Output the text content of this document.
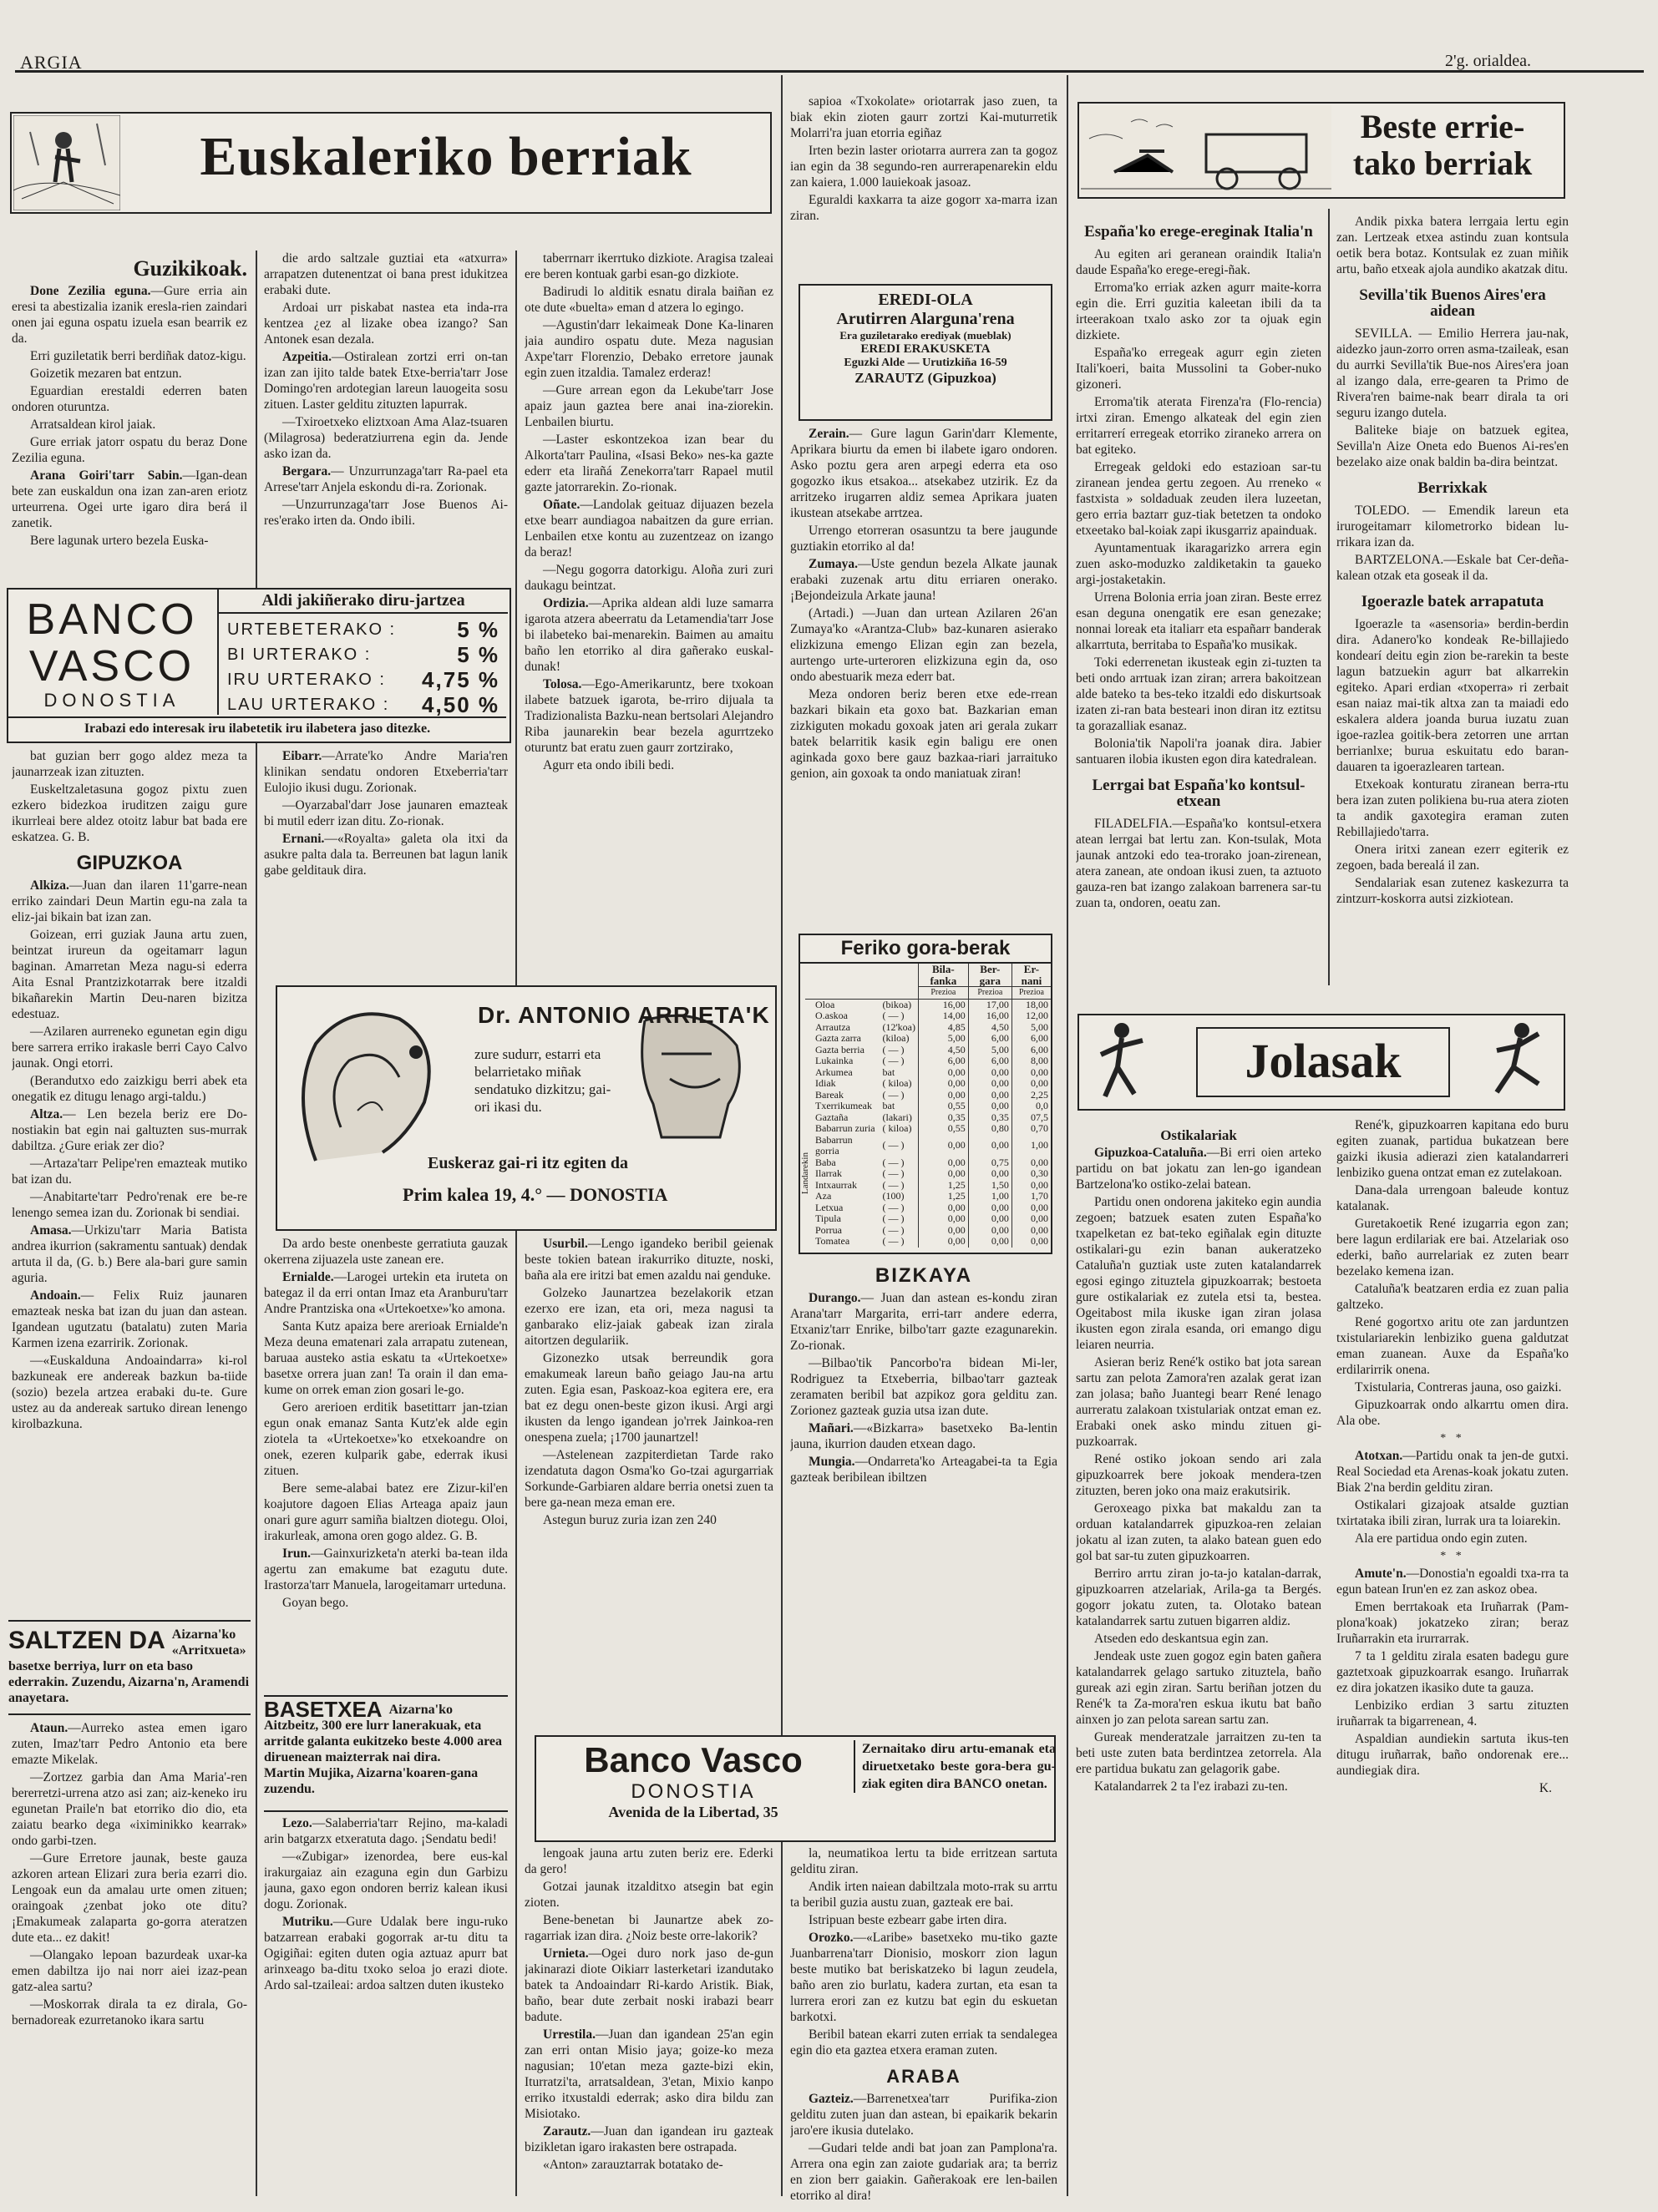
ARGIA	2'g. orialdea.
Euskaleriko berriak	Beste errie-
tako berriak
Guzikikoak.

Done Zezilia eguna.—Gure erria ain eresi ta abestizalia izanik eresla-rien zaindari onen jai eguna ospatu izuela esan bearrik ez da.

Erri guziletatik berri berdiñak datoz-kigu.

Goizetik mezaren bat entzun.

Eguardian erestaldi ederren baten ondoren oturuntza.

Arratsaldean kirol jaiak.

Gure erriak jatorr ospatu du beraz Done Zezilia eguna.

Arana Goiri'tarr Sabin.—Igan-dean bete zan euskaldun ona izan zan-aren eriotz urteurrena. Ogei urte igaro dira berá il zanetik.

Bere lagunak urtero bezela Euska-

die ardo saltzale guztiai eta «atxurra» arrapatzen dutenentzat oi bana prest idukitzea erabaki dute.

Ardoai urr piskabat nastea eta inda-rra kentzea ¿ez al lizake obea izango? San Antonek esan dezala.

Azpeitia.—Ostiralean zortzi erri on-tan izan zan ijito talde batek Etxe-berria'tarr Jose Domingo'ren ardotegian lareun lauogeita sosu zituen. Laster gelditu zituzten lapurrak.

—Txiroetxeko eliztxoan Ama Alaz-tsuaren (Milagrosa) bederatziurrena egin da. Jende asko izan da.

Bergara.— Unzurrunzaga'tarr Ra-pael eta Arrese'tarr Anjela eskondu di-ra. Zorionak.

—Unzurrunzaga'tarr Jose Buenos Ai-res'erako irten da. Ondo ibili.

BANCO
VASCO
DONOSTIA
Aldi jakiñerako diru-jartzea
URTEBETERAKO :	5 %
BI URTERAKO :	5 %
IRU URTERAKO : 4,75 %
LAU URTERAKO : 4,50 %
Irabazi edo interesak iru ilabetetik iru ilabetera jaso ditezke.

bat guzian berr gogo aldez meza ta jaunarrzeak izan zituzten.

Euskeltzaletasuna gogoz pixtu zuen ezkero bidezkoa iruditzen zaigu gure ikurrleai bere aldez otoitz labur bat bada ere eskatzea. G. B.

GIPUZKOA

Alkiza.—Juan dan ilaren 11'garre-nean erriko zaindari Deun Martin egu-na zala ta eliz-jai bikain bat izan zan.

Goizean, erri guziak Jauna artu zuen, beintzat irureun da ogeitamarr lagun baginan. Amarretan Meza nagu-si ederra Aita Esnal Prantzizkotarrak bere itzaldi bikañarekin Martin Deu-naren bizitza edestuaz.

—Azilaren aurreneko egunetan egin digu bere sarrera erriko irakasle berri Cayo Calvo jaunak. Ongi etorri.

(Berandutxo edo zaizkigu berri abek eta onegatik ez ditugu lenago argi-taldu.)

Altza.— Len bezela beriz ere Do-nostiakin bat egin nai galtuzten sus-murrak dabiltza. ¿Gure eriak zer dio?

—Artaza'tarr Pelipe'ren emazteak mutiko bat izan du.

—Anabitarte'tarr Pedro'renak ere be-re lenengo semea izan du. Zorionak bi sendiai.

Amasa.—Urkizu'tarr Maria Batista andrea ikurrion (sakramentu santuak) dendak artuta il da, (G. b.) Bere ala-bari gure samin aguria.

Andoain.— Felix Ruiz jaunaren emazteak neska bat izan du juan dan astean. Igandean ugutzatu (batalatu) zuten Maria Karmen izena ezarririk. Zorionak.

—«Euskalduna Andoaindarra» ki-rol bazkuneak ere andereak bazkun ba-tiide (sozio) bezela artzea erabaki du-te. Gure ustez au da andereak sartuko direan lenengo kirolbazkuna.

SALTZEN DA Aizarna'ko «Arritxueta» basetxe berriya, lurr on eta baso ederrakin. Zuzendu, Aizarna'n, Aramendi anayetara.

Ataun.—Aurreko astea emen igaro zuten, Imaz'tarr Pedro Antonio eta bere emazte Mikelak.

—Zortzez garbia dan Ama Maria'-ren bererretzi-urrena atzo asi zan; aiz-keneko iru egunetan Praile'n bat etorriko dio dio, eta zaiatu bearko dega «iximinikko kearrak» ondo garbi-tzen.

—Gure Erretore jaunak, beste gauza azkoren artean Elizari zura beria ezarri dio. Lengoak eun da amalau urte omen zituen; oraingoak ¿zenbat joko ote ditu? ¡Emakumeak zalaparta go-gorra ateratzen dute eta... ez dakit!

—Olangako lepoan bazurdeak uxar-ka emen dabiltza ijo nai norr aiei izaz-pean gatz-alea sartu?

—Moskorrak dirala ta ez dirala, Go-bernadoreak ezurretanoko ikara sartu

Eibarr.—Arrate'ko Andre Maria'ren klinikan sendatu ondoren Etxeberria'tarr Eulojio ikusi dugu. Zorionak.

—Oyarzabal'darr Jose jaunaren emazteak bi mutil ederr izan ditu. Zo-rionak.

Ernani.—«Royalta» galeta ola itxi da asukre palta dala ta. Berreunen bat lagun lanik gabe gelditauk dira.

taberrnarr ikerrtuko dizkiote. Aragisa tzaleai ere beren kontuak garbi esan-go dizkiote.

Badirudi lo alditik esnatu dirala baiñan ez ote dute «buelta» eman d atzera lo egingo.

—Agustin'darr lekaimeak Done Ka-linaren jaia aundiro ospatu dute. Meza nagusian Axpe'tarr Florenzio, Debako erretore jaunak egin zuen itzaldia. Tamalez erderaz!

—Gure arrean egon da Lekube'tarr Jose apaiz jaun gaztea bere anai ina-ziorekin. Lenbailen biurtu.

—Laster eskontzekoa izan bear du Alkorta'tarr Paulina, «Isasi Beko» nes-ka gazte ederr eta lirañá Zenekorra'tarr Rapael mutil gazte jatorrarekin. Zo-rionak.

Oñate.—Landolak geituaz dijuazen bezela etxe bearr aundiagoa nabaitzen da gure errian. Lenbailen etxe kontu au zuzentzeaz on izango da beraz!

—Negu gogorra datorkigu. Aloña zuri zuri daukagu beintzat.

Ordizia.—Aprika aldean aldi luze samarra igarota atzera abeerratu da Letamendia'tarr Jose bi ilabeteko bai-menarekin. Baimen au amaitu baño len etorriko al dira gañerako euskal-dunak!

Tolosa.—Ego-Amerikaruntz, bere txokoan ilabete batzuek igarota, be-rriro dijuala ta Tradizionalista Bazku-nean bertsolari Alejandro Riba jaunarekin bear bezela agurrtzeko oturuntz bat eratu zuen gaurr zortzirako,

Agurr eta ondo ibili bedi.

Dr. ANTONIO ARRIETA'K
zure sudurr, estarri eta belarrietako miñak sendatuko dizkitzu; gai-ori ikasi du.
Euskeraz gai-ri itz egiten da
Prim kalea 19, 4.° — DONOSTIA

Da ardo beste onenbeste gerratiuta gauzak okerrena zijuazela uste zanean ere.

Ernialde.—Larogei urtekin eta iruteta on bategaz il da erri ontan Imaz eta Aranburu'tarr Andre Prantziska ona «Urtekoetxe»'ko amona.

Santa Kutz apaiza bere arerioak Ernialde'n Meza deuna ematenari zala arrapatu zutenean, baruaa austeko astia eskatu ta «Urtekoetxe» basetxe orrera juan zan! Ta orain il dan ema-kume on orrek eman zion gosari le-go.

Gero arerioen erditik basetittarr jan-tzian egun onak emanaz Santa Kutz'ek alde egin ziotela ta «Urtekoetxe»'ko etxekoandre on onek, ezeren kulparik gabe, ederrak ikusi zituen.

Bere seme-alabai batez ere Zizur-kil'en koajutore dagoen Elias Arteaga apaiz jaun onari gure agurr samiña bialtzen diotegu. Oloi, irakurleak, amona oren gogo aldez. G. B.

Irun.—Gainxurizketa'n aterki ba-tean ilda agertu zan emakume bat ezagutu dute. Irastorza'tarr Manuela, larogeitamarr urteduna.

Goyan bego.

BASETXEA Aizarna'ko Aitzbeitz, 300 ere lurr lanerakuak, eta arritde galanta eukitzeko beste 4.000 area diruenean maizterrak nai dira.
Martin Mujika, Aizarna'koaren-gana zuzendu.

Lezo.—Salaberria'tarr Rejino, ma-kaladi arin batgarzx etxeratuta dago. ¡Sendatu bedi!

—«Zubigar» izenordea, bere eus-kal irakurgaiaz ain ezaguna egin dun Garbizu jauna, gaxo egon ondoren berriz kalean ikusi dogu. Zorionak.

Mutriku.—Gure Udalak bere ingu-ruko batzarrean erabaki gogorrak ar-tu ditu ta Ogigiñai: egiten duten ogia aztuaz apurr bat arinxeago ba-ditu txoko seloa jo erazi diote. Ardo sal-tzaileai: ardoa saltzen duten ikusteko

Usurbil.—Lengo igandeko beribil geienak beste tokien batean irakurriko dituzte, noski, baña ala ere iritzi bat emen azaldu nai genduke.

Golzeko Jaunartzea bezelakorik etzan ezerxo ere izan, eta ori, meza nagusi ta ganbarako eliz-jaiak gabeak izan zirala aitortzen degulariik.

Gizonezko utsak berreundik gora emakumeak lareun baño geiago Jau-na artu zuten. Egia esan, Paskoaz-koa egitera ere, era bat ez degu onen-beste gizon ikusi. Argi argi ikusten da lengo igandean jo'rrek Jainkoa-ren onespena zuela; ¡1700 jaunartzel!

—Astelenean zazpiterdietan Tarde rako izendatuta dagon Osma'ko Go-tzai agurgarriak Sorkunde-Garbiaren aldare berria onetsi zuen ta bere ga-nean meza eman ere.

Astegun buruz zuria izan zen 240

Banco Vasco
DONOSTIA
Avenida de la Libertad, 35
Zernaitako diru artu-emanak eta diruetxetako beste gora-bera gu-ziak egiten dira BANCO onetan.

lengoak jauna artu zuten beriz ere. Ederki da gero!

Gotzai jaunak itzalditxo atsegin bat egin zioten.

Bene-benetan bi Jaunartze abek zo-ragarriak izan dira. ¿Noiz beste orre-lakorik?

Urnieta.—Ogei duro nork jaso de-gun jakinarazi diote Oikiarr lasterketari izandutako batek ta Andoaindarr Ri-kardo Aristik. Biak, baño, bear dute zerbait noski irabazi bearr badute.

Urrestila.—Juan dan igandean 25'an egin zan erri ontan Misio jaya; goize-ko meza nagusian; 10'etan meza gazte-bizi ekin, Iturratzi'ta, arratsaldean, 3'etan, Mixio kanpo erriko itxustaldi ederrak; asko dira bildu zan Misiotako.

Zarautz.—Juan dan igandean iru gazteak bizikletan igaro irakasten bere ostrapada.

«Anton» zarauztarrak botatako de-

sapioa «Txokolate» oriotarrak jaso zuen, ta biak ekin zioten gaurr zortzi Kai-muturretik Molarri'ra juan etorria egiñaz

Irten bezin laster oriotarra aurrera zan ta gogoz ian egin da 38 segundo-ren aurrerapenarekin eldu zan kaiera, 1.000 lauiekoak jasoaz.

Eguraldi kaxkarra ta aize gogorr xa-marra izan ziran.

EREDI-OLA
Arutirren Alarguna'rena
Era guziletarako erediyak (mueblak)
EREDI ERAKUSKETA
Eguzki Alde — Urutizkiña 16-59
ZARAUTZ (Gipuzkoa)

Zerain.— Gure lagun Garin'darr Klemente, Aprikara biurtu da emen bi ilabete igaro ondoren. Asko poztu gera aren arpegi ederra eta oso gogozko ikus etsakoa... atsekabez utzirik. Ez da arritzeko irugarren aldiz semea Aprikara juaten ikustean atsekabe arrtzea.

Urrengo etorreran osasuntzu ta bere jaugunde guztiakin etorriko al da!

Zumaya.—Uste gendun bezela Alkate jaunak erabaki zuzenak artu ditu erriaren onerako. ¡Bejondeizula Arkate jauna!

(Artadi.) —Juan dan urtean Azilaren 26'an Zumaya'ko «Arantza-Club» baz-kunaren asierako elizkizuna emengo Elizan egin zan bezela, aurtengo urte-urteroren elizkizuna egin da, oso ondo abestuarik meza ederr bat.

Meza ondoren beriz beren etxe ede-rrean bazkari bikain eta goxo bat. Bazkarian eman zizkiguten mokadu goxoak jaten ari gerala zukarr batek belarritik kasik egin baligu ere onen aginkada goxo bere gauz bazkaa-riari jarraituko genion, ain goxoak ta ondo maniatuak ziran!

Feriko gora-berak
		Bila-fanka	Ber-gara	Er-nani
		Prezioa	Prezioa	Prezioa
Oloa	(bikoa)	16,00	17,00	18,00
O.askoa	( — )	14,00	16,00	12,00
Arrautza	(12'koa)	4,85	4,50	5,00
Gazta zarra	(kiloa)	5,00	6,00	6,00
Gazta berria	( — )	4,50	5,00	6,00
Lukainka	( — )	6,00	6,00	8,00
Arkumea	bat	0,00	0,00	0,00
Idiak	( kiloa)	0,00	0,00	0,00
Bareak	( — )	0,00	0,00	2,25
Txerrikumeak	bat	0,55	0,00	0,0
Gaztaña	(lakari)	0,35	0,35	07,5
Babarrun zuria	( kiloa)	0,55	0,80	0,70
Babarrun gorria	( — )	0,00	0,00	1,00
Baba	( — )	0,00	0,75	0,00
Ilarrak	( — )	0,00	0,00	0,30
Intxaurrak	( — )	1,25	1,50	0,00
Aza	(100)	1,25	1,00	1,70
Letxua	( — )	0,00	0,00	0,00
Tipula	( — )	0,00	0,00	0,00
Porrua	( — )	0,00	0,00	0,00
Tomatea	( — )	0,00	0,00	0,00
Landarekin
BIZKAYA

Durango.— Juan dan astean es-kondu ziran Arana'tarr Margarita, erri-tarr andere ederra, Etxaniz'tarr Enrike, bilbo'tarr gazte ezagunarekin. Zo-rionak.

—Bilbao'tik Pancorbo'ra bidean Mi-ler, Rodriguez ta Etxeberria, bilbao'tarr gazteak zeramaten beribil bat azpikoz gora gelditu zan. Zorionez gazteak guzia utsa izan dute.

Mañari.—«Bizkarra» basetxeko Ba-lentin jauna, ikurrion dauden etxean dago.

Mungia.—Ondarreta'ko Arteagabei-ta ta Egia gazteak beribilean ibiltzen

la, neumatikoa lertu ta bide erritzean sartuta gelditu ziran.

Andik irten naiean dabiltzala moto-rrak su arrtu ta beribil guzia austu zuan, gazteak ere bai.

Istripuan beste ezbearr gabe irten dira.

Orozko.—«Laribe» basetxeko mu-tiko gazte Juanbarrena'tarr Dionisio, moskorr zion lagun beste mutiko bat beriskatzeko bi lagun zeudela, baño aren zio burlatu, kadera zurtan, eta esan ta lurrera erori zan ez kutzu bat egin du eskuetan barkotxi.

Beribil batean ekarri zuten erriak ta sendalegea egin dio eta gaztea etxera eraman zuten.

ARABA

Gazteiz.—Barrenetxea'tarr Purifika-zion gelditu zuten juan dan astean, bi epaikarik bekarin jaro'ere ikusia dutelako.

—Gudari telde andi bat joan zan Pamplona'ra. Arrera ona egin zan zaiote gudariak ara; ta berriz en zion berr gaiakin. Gañerakoak ere len-bailen etorriko al dira!

España'ko erege-ereginak Italia'n

Au egiten ari geranean oraindik Italia'n daude España'ko erege-eregi-ñak.

Erroma'ko erriak azken agurr maite-korra egin die. Erri guzitia kaleetan ibili da ta irteerakoan txalo asko zor ta ojuak egin dizkiete.

España'ko erregeak agurr egin zieten Itali'koeri, baita Mussolini ta Gober-nuko gizoneri.

Erroma'tik aterata Firenza'ra (Flo-rencia) irtxi ziran. Emengo alkateak del egin zien erritarrerí erregeak etorriko ziraneko arrera on bat egiteko.

Erregeak geldoki edo estazioan sar-tu ziranean jendea gertu zegoen. Au rreneko « fastxista » soldaduak zeuden ilera luzeetan, gero erria baztarr guz-tiak betetzen ta ondoko etxeetako bal-koiak zapi ikusgarriz apainduak.

Ayuntamentuak ikaragarizko arrera egin zuen asko-moduzko zaldiketakin ta gaueko argi-jostaketakin.

Urrena Bolonia erria joan ziran. Beste errez esan deguna onengatik ere esan genezake; nonnai loreak eta italiarr eta españarr banderak alkarrtuta, berritaba to España'ko musikak.

Toki ederrenetan ikusteak egin zi-tuzten ta beti ondo arrtuak izan ziran; arrera bakoitzean alde bateko ta bes-teko itzaldi edo diskurtsoak izaten zi-ran bata besteari inon diran itz eztitsu ta gorazalliak esanaz.

Bolonia'tik Napoli'ra joanak dira. Jabier santuaren ilobia ikusten egon dira katedralean.

Lerrgai bat España'ko kontsul-etxean

FILADELFIA.—España'ko kontsul-etxera atean lerrgai bat lertu zan. Kon-tsulak, Mota jaunak antzoki edo tea-trorako joan-zirenean, atera zanean, ate ondoan ikusi zuen, ta aztuoto gauza-ren bat izango zalakoan barrenera sar-tu zuan ta, ondoren, oeatu zan.

Andik pixka batera lerrgaia lertu egin zan. Lertzeak etxea astindu zuan kontsula oetik bera botaz. Kontsulak ez zuan miñik artu, baño etxeak ajola aundiko akatzak ditu.

Sevilla'tik Buenos Aires'era aidean

SEVILLA. — Emilio Herrera jau-nak, aidezko jaun-zorro orren asma-tzaileak, esan du aurrki Sevilla'tik Bue-nos Aires'era joan al izango dala, erre-gearen ta Primo de Rivera'ren baime-nak bearr dirala ta ori seguru izango dutela.

Baliteke biaje on batzuek egitea, Sevilla'n Aize Oneta edo Buenos Ai-res'en bezelako aize onak baldin ba-dira beintzat.

Berrixkak

TOLEDO. — Emendik lareun eta irurogeitamarr kilometrorko bidean lu-rrikara izan da.

BARTZELONA.—Eskale bat Cer-deña-kalean otzak eta goseak il da.

Igoerazle batek arrapatuta

Igoerazle ta «asensoria» berdin-berdin dira. Adanero'ko kondeak Re-billajiedo kondearí deitu egin zion be-rarekin ta beste lagun batzuekin agurr bat alkarrekin egiteko. Apari erdian «txoperra» ri zerbait esan naiaz mai-tik altxa zan ta maiadi edo eskalera aldera joanda burua iuzatu zuan igoe-razlea goitik-bera zetorren une arrtan berrianlxe; burua eskuitatu edo baran-dauaren ta igoerazlearen tartean.

Etxekoak konturatu ziranean berra-rtu bera izan zuten polikiena bu-rua atera zioten ta andik gaxotegira eraman zuten Rebillajiedo'tarra.

Onera iritxi zanean ezerr egiterik ez zegoen, bada berealá il zan.

Sendalariak esan zutenez kaskezurra ta zintzurr-koskorra autsi zizkiotean.

Jolasak
Ostikalariak

Gipuzkoa-Cataluña.—Bi erri oien arteko partidu on bat jokatu zan len-go igandean Bartzelona'ko ostiko-zelai batean.

Partidu onen ondorena jakiteko egin aundia zegoen; batzuek esaten zuten España'ko txapelketan ez bat-teko egiñalak egin dituzte ostikalari-gu ezin banan aukeratzeko Cataluña'n guztiak uste zuten katalandarrek egosi egingo zituztela gipuzkoarrak; bestoeta gure ostikalariak ez zutela etsi ta, bestea. Ogeitabost mila ikuske igan ziran jolasa ikusten egon zirala esanda, ori emango digu leiaren neurria.

Asieran beriz René'k ostiko bat jota sarean sartu zan pelota Zamora'ren azalak gerat izan zan jolasa; baño Juantegi bearr René lenago aurreratu zalakoan txistulariak ontzat eman ez. Erabaki onek asko mindu zituen gi-puzkoarrak.

René ostiko jokoan sendo ari zala gipuzkoarrek bere jokoak mendera-tzen zituzten, beren joko ona maiz erakutsirik.

Geroxeago pixka bat makaldu zan ta orduan katalandarrek gipuzkoa-ren zelaian jokatu al izan zuten, ta alako batean guen edo gol bat sar-tu zuten gipuzkoarren.

Berriro arrtu ziran jo-ta-jo katalan-darrak, gipuzkoarren atzelariak, Arila-ga ta Bergés. gogorr jokatu zuten, ta. Olotako batean katalandarrek sartu zutuen bigarren aldiz.

Atseden edo deskantsua egin zan.

Jendeak uste zuen gogoz egin baten gañera katalandarrek gelago sartuko zituztela, baño gureak azi egin ziran. Sartu beriñan jotzen du René'k ta Za-mora'ren eskua ikutu bat baño ainxen jo zan pelota sarean sartu zan.

Gureak menderatzale jarraitzen zu-ten ta beti uste zuten bata berdintzea zetorrela. Ala ere partidua bukatu zan gelagorik gabe.

Katalandarrek 2 ta l'ez irabazi zu-ten.

René'k, gipuzkoarren kapitana edo buru egiten zuanak, partidua bukatzean bere gaizki ikusia adierazi zien katalandarreri lenbiziko guena ontzat eman ez zutelakoan.

Dana-dala urrengoan baleude kontuz katalanak.

Guretakoetik René izugarria egon zan; bere lagun erdilariak ere bai. Atzelariak oso ederki, baño aurrelariak ez zuten bearr bezelako kemena izan.

Cataluña'k beatzaren erdia ez zuan palia galtzeko.

René gogortxo aritu ote zan jarduntzen txistulariarekin lenbiziko guena galdutzat eman zuanean. Auxe da España'ko erdilarirrik onena.

Txistularia, Contreras jauna, oso gaizki.

Gipuzkoarrak ondo alkarrtu omen dira. Ala obe.

* *

Atotxan.—Partidu onak ta jen-de gutxi. Real Sociedad eta Arenas-koak jokatu zuten. Biak 2'na berdin gelditu ziran.

Ostikalari gizajoak atsalde guztian txirtataka ibili ziran, lurrak ura ta loiarekin.

Ala ere partidua ondo egin zuten.

* *

Amute'n.—Donostia'n egoaldi txa-rra ta egun batean Irun'en ez zan askoz obea.

Emen berrtakoak eta Iruñarrak (Pam-plona'koak) jokatzeko ziran; beraz Iruñarrakin eta irurrarrak.

7 ta 1 gelditu zirala esaten badegu gure gaztetxoak gipuzkoarrak esango. Iruñarrak ez dira jokatzen ikasiko dute ta gauza.

Lenbiziko erdian 3 sartu zituzten iruñarrak ta bigarrenean, 4.

Aspaldian aundiekin sartuta ikus-ten ditugu iruñarrak, baño ondorenak ere... aundiegiak dira.

K.
